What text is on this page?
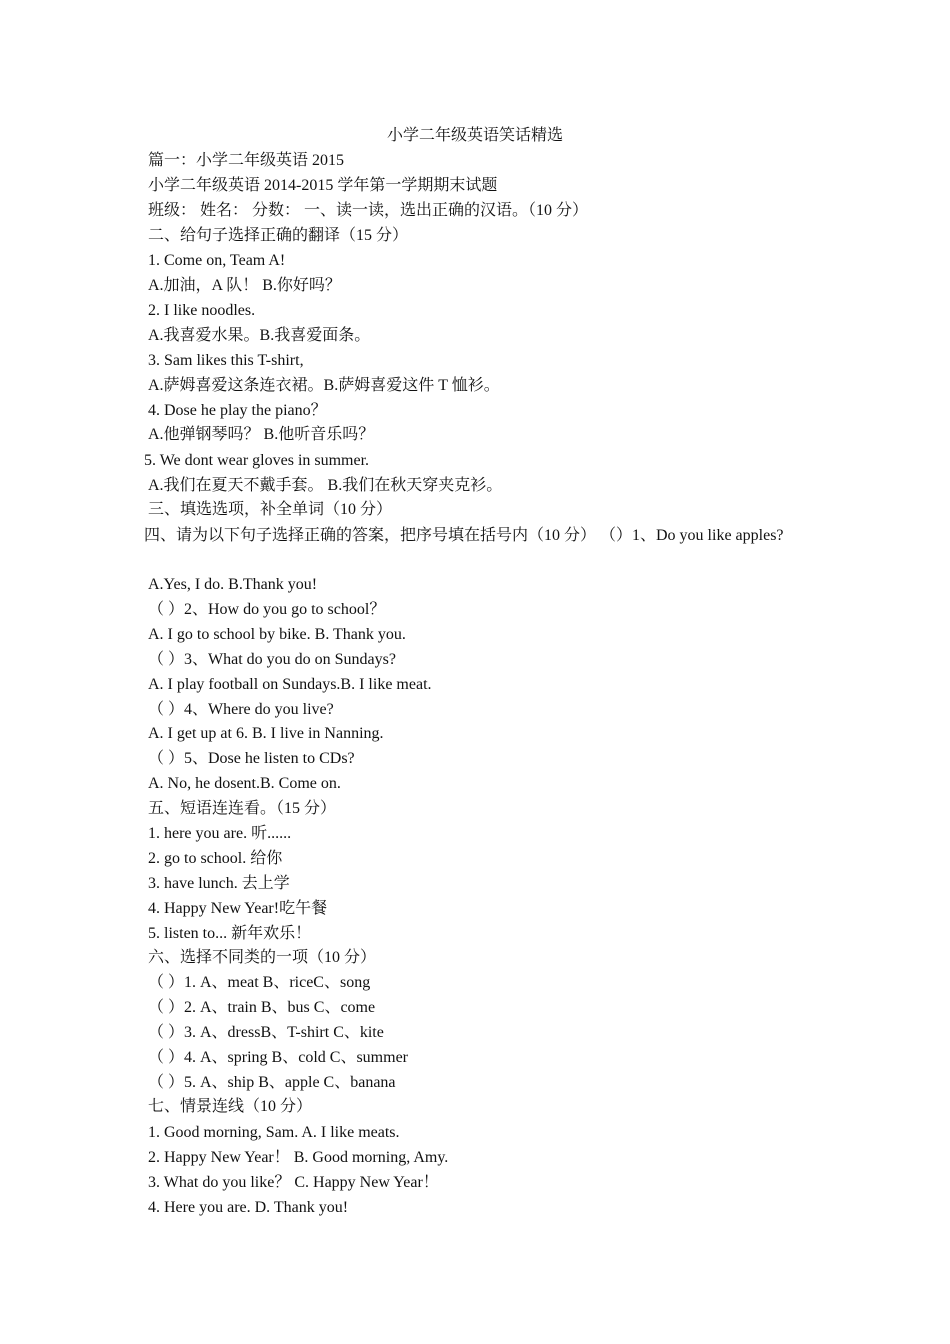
小学二年级英语笑话精选
篇一：小学二年级英语 2015
小学二年级英语 2014-2015 学年第一学期期末试题
班级： 姓名： 分数： 一、读一读，选出正确的汉语。（10 分）
二、给句子选择正确的翻译（15 分）
1. Come on, Team A!
A.加油，A 队！ B.你好吗？
2. I like noodles.
A.我喜爱水果。B.我喜爱面条。
3. Sam likes this T-shirt,
A.萨姆喜爱这条连衣裙。B.萨姆喜爱这件 T 恤衫。
4. Dose he play the piano？
A.他弹钢琴吗？ B.他听音乐吗？
5. We dont wear gloves in summer.
A.我们在夏天不戴手套。 B.我们在秋天穿夹克衫。
三、填选选项，补全单词（10 分）
四、请为以下句子选择正确的答案，把序号填在括号内（10 分） （）1、Do you like apples?
A.Yes, I do. B.Thank you!
（ ）2、How do you go to school？
A. I go to school by bike. B. Thank you.
（ ）3、What do you do on Sundays?
A. I play football on Sundays.B. I like meat.
（ ）4、Where do you live?
A. I get up at 6. B. I live in Nanning.
（ ）5、Dose he listen to CDs?
A. No, he dosent.B. Come on.
五、短语连连看。（15 分）
1. here you are. 听......
2. go to school. 给你
3. have lunch. 去上学
4. Happy New Year!吃午餐
5. listen to... 新年欢乐！
六、选择不同类的一项（10 分）
（ ）1. A、meat B、riceC、song
（ ）2. A、train B、bus C、come
（ ）3. A、dressB、T-shirt C、kite
（ ）4. A、spring B、cold C、summer
（ ）5. A、ship B、apple C、banana
七、情景连线（10 分）
1. Good morning, Sam. A. I like meats.
2. Happy New Year！ B. Good morning, Amy.
3. What do you like？ C. Happy New Year！
4. Here you are. D. Thank you!
